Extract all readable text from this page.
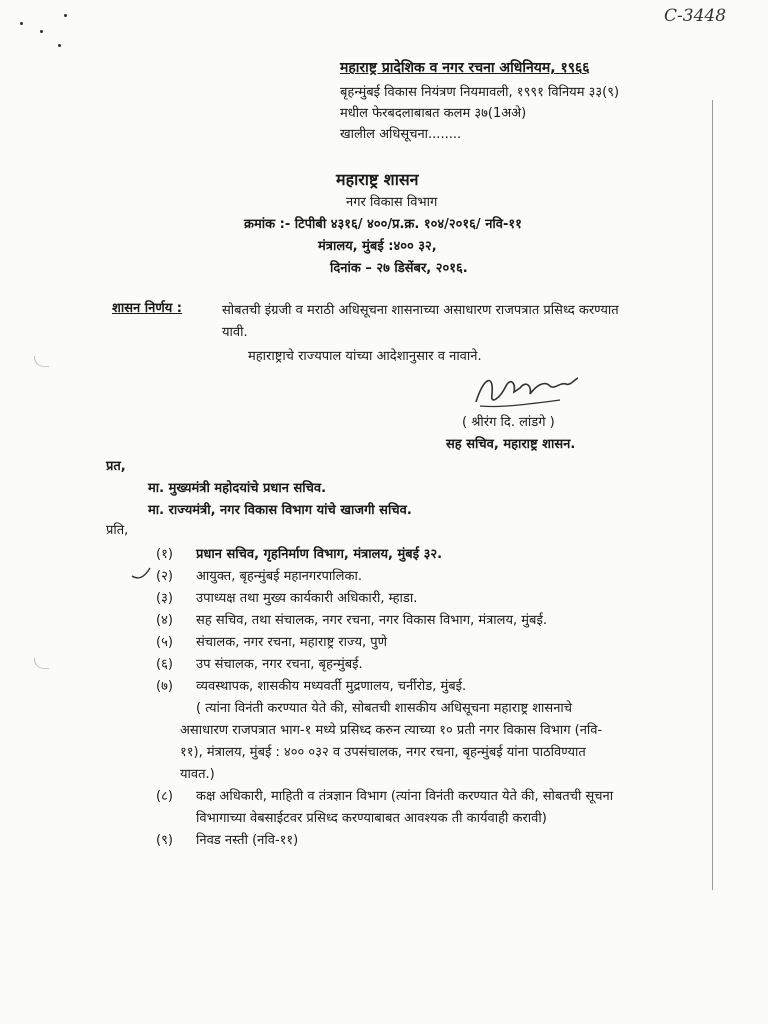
C-3448
महाराष्ट्र प्रादेशिक व नगर रचना अधिनियम, १९६६
बृहन्मुंबई विकास नियंत्रण नियमावली, १९९१ विनियम ३३(९)
मधील फेरबदलाबाबत कलम ३७(1अअे)
खालील अधिसूचना........
महाराष्ट्र शासन
नगर विकास विभाग
क्रमांक :- टिपीबी ४३१६/ ४००/प्र.क्र. १०४/२०१६/ नवि-११
मंत्रालय, मुंबई :४०० ३२,
दिनांक – २७ डिसेंबर, २०१६.
शासन निर्णय :	सोबतची इंग्रजी व मराठी अधिसूचना शासनाच्या असाधारण राजपत्रात प्रसिध्द करण्यात
यावी.
महाराष्ट्राचे राज्यपाल यांच्या आदेशानुसार व नावाने.
( श्रीरंग दि. लांडगे )
सह सचिव, महाराष्ट्र शासन.
प्रत,
मा. मुख्यमंत्री महोदयांचे प्रधान सचिव.
मा. राज्यमंत्री, नगर विकास विभाग यांचे खाजगी सचिव.
प्रति,
(१) प्रधान सचिव, गृहनिर्माण विभाग, मंत्रालय, मुंबई ३२.
(२) आयुक्त, बृहन्मुंबई महानगरपालिका.
(३) उपाध्यक्ष तथा मुख्य कार्यकारी अधिकारी, म्हाडा.
(४) सह सचिव, तथा संचालक, नगर रचना, नगर विकास विभाग, मंत्रालय, मुंबई.
(५) संचालक, नगर रचना, महाराष्ट्र राज्य, पुणे
(६) उप संचालक, नगर रचना, बृहन्मुंबई.
(७) व्यवस्थापक, शासकीय मध्यवर्ती मुद्रणालय, चर्नीरोड, मुंबई.
( त्यांना विनंती करण्यात येते की, सोबतची शासकीय अधिसूचना महाराष्ट्र शासनाचे
असाधारण राजपत्रात भाग-१ मध्ये प्रसिध्द करुन त्याच्या १० प्रती नगर विकास विभाग (नवि-
११), मंत्रालय, मुंबई : ४०० ०३२ व उपसंचालक, नगर रचना, बृहन्मुंबई यांना पाठविण्यात
यावत.)
(८) कक्ष अधिकारी, माहिती व तंत्रज्ञान विभाग (त्यांना विनंती करण्यात येते की, सोबतची सूचना
विभागाच्या वेबसाईटवर प्रसिध्द करण्याबाबत आवश्यक ती कार्यवाही करावी)
(९) निवड नस्ती (नवि-११)
